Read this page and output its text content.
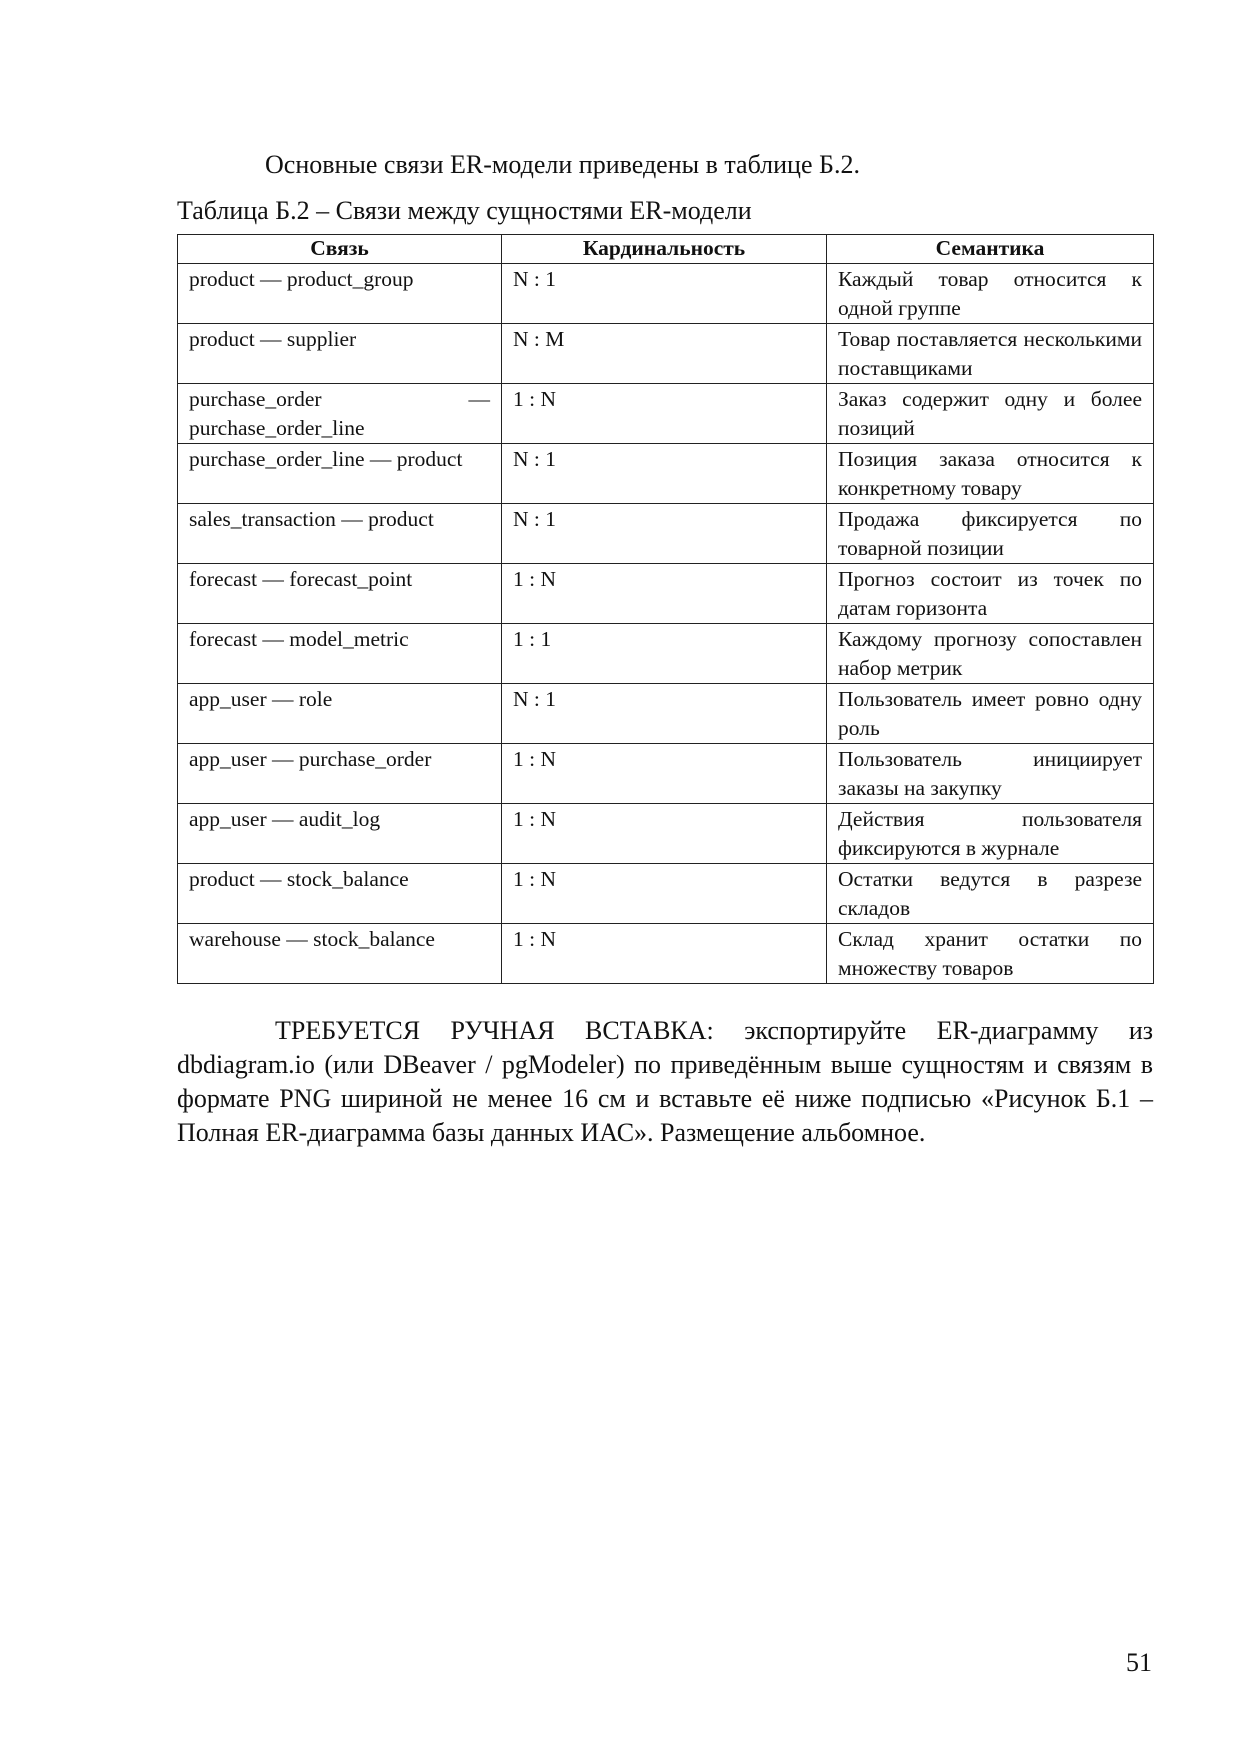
Основные связи ER-модели приведены в таблице Б.2.

Таблица Б.2 – Связи между сущностями ER-модели

Связь	Кардинальность	Семантика
product — product_group	N : 1	Каждый товар относится к одной группе
product — supplier	N : M	Товар поставляется несколькими поставщиками
purchase_order — purchase_order_line	1 : N	Заказ содержит одну и более позиций
purchase_order_line — product	N : 1	Позиция заказа относится к конкретному товару
sales_transaction — product	N : 1	Продажа фиксируется по товарной позиции
forecast — forecast_point	1 : N	Прогноз состоит из точек по датам горизонта
forecast — model_metric	1 : 1	Каждому прогнозу сопоставлен набор метрик
app_user — role	N : 1	Пользователь имеет ровно одну роль
app_user — purchase_order	1 : N	Пользователь инициирует заказы на закупку
app_user — audit_log	1 : N	Действия пользователя фиксируются в журнале
product — stock_balance	1 : N	Остатки ведутся в разрезе складов
warehouse — stock_balance	1 : N	Склад хранит остатки по множеству товаров

ТРЕБУЕТСЯ РУЧНАЯ ВСТАВКА: экспортируйте ER-диаграмму из dbdiagram.io (или DBeaver / pgModeler) по приведённым выше сущностям и связям в формате PNG шириной не менее 16 см и вставьте её ниже подписью «Рисунок Б.1 – Полная ER-диаграмма базы данных ИАС». Размещение альбомное.

51
